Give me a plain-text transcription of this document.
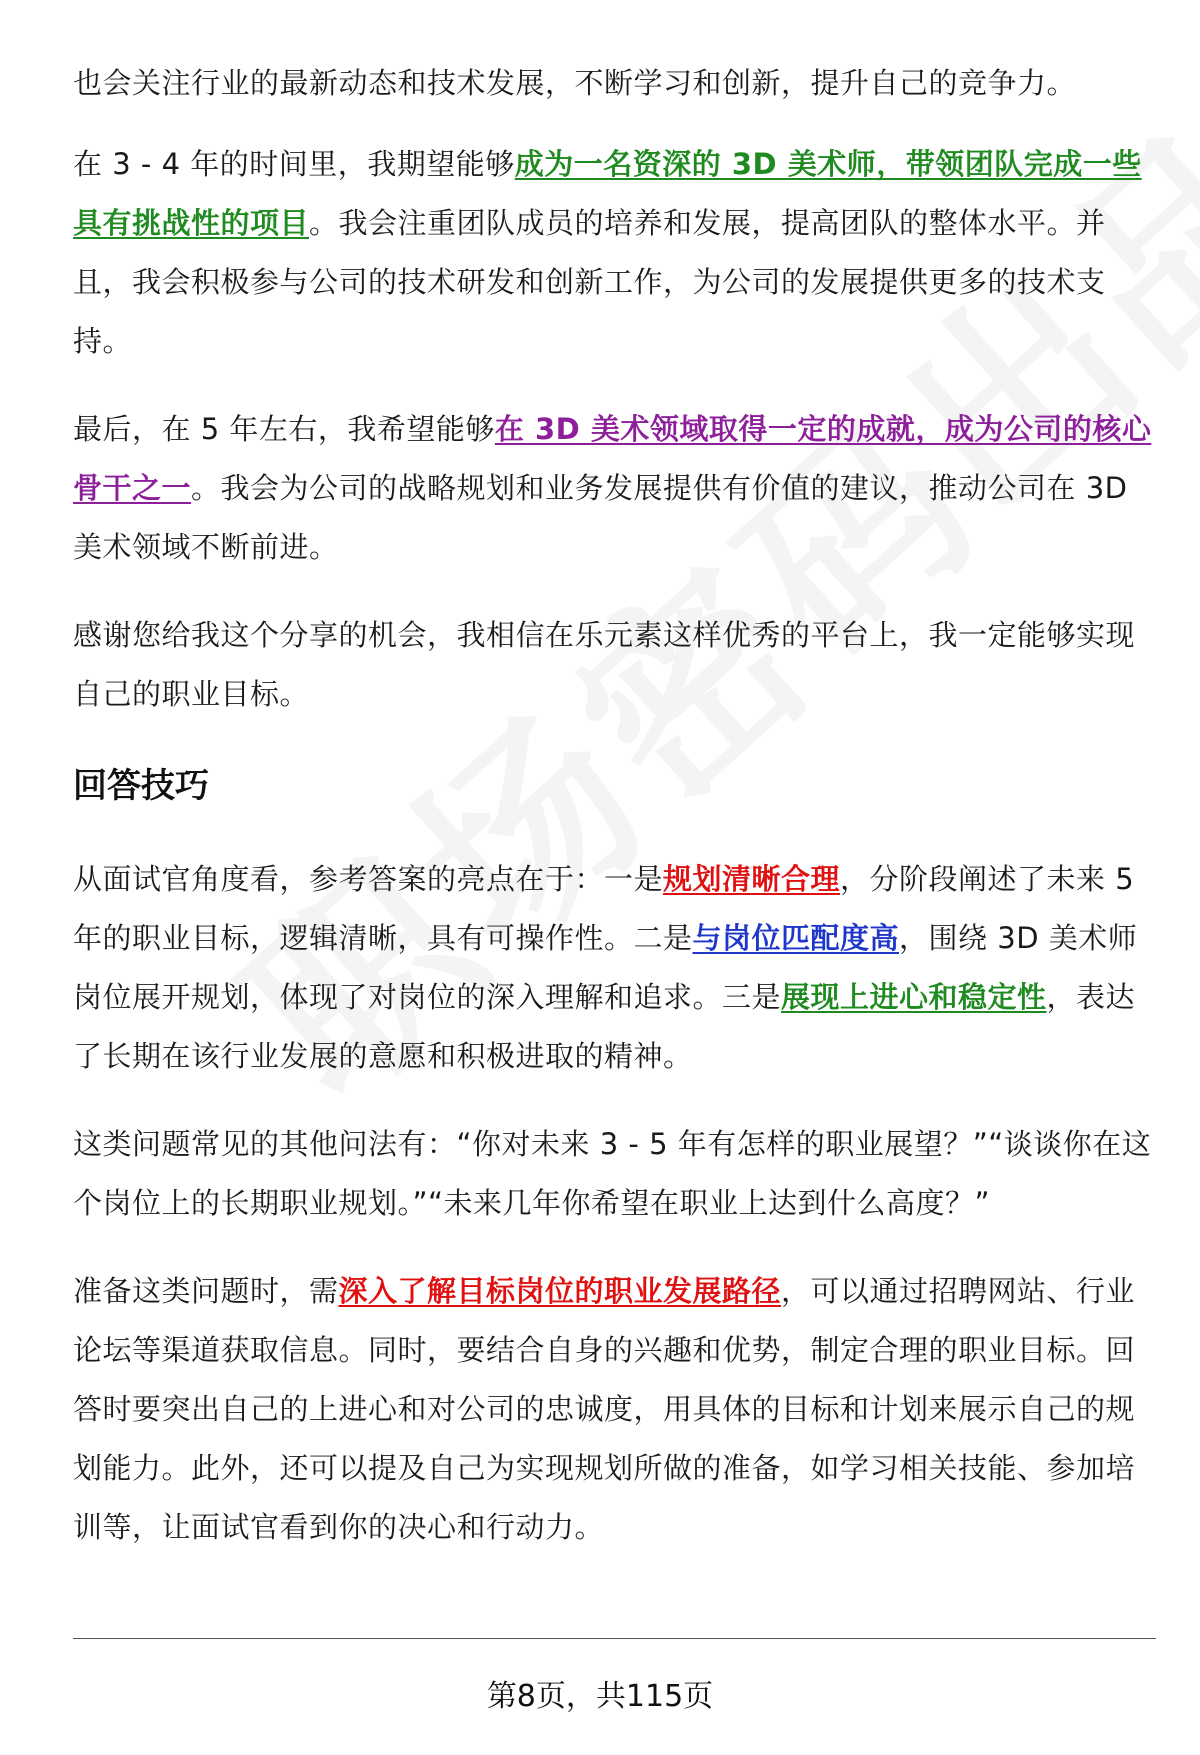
也会关注行业的最新动态和技术发展，不断学习和创新，提升自己的竞争力。

在 3 - 4 年的时间里，我期望能够成为一名资深的 3D 美术师，带领团队完成一些具有挑战性的项目。我会注重团队成员的培养和发展，提高团队的整体水平。并且，我会积极参与公司的技术研发和创新工作，为公司的发展提供更多的技术支持。

最后，在 5 年左右，我希望能够在 3D 美术领域取得一定的成就，成为公司的核心骨干之一。我会为公司的战略规划和业务发展提供有价值的建议，推动公司在 3D 美术领域不断前进。

感谢您给我这个分享的机会，我相信在乐元素这样优秀的平台上，我一定能够实现自己的职业目标。

回答技巧

从面试官角度看，参考答案的亮点在于：一是规划清晰合理，分阶段阐述了未来 5 年的职业目标，逻辑清晰，具有可操作性。二是与岗位匹配度高，围绕 3D 美术师岗位展开规划，体现了对岗位的深入理解和追求。三是展现上进心和稳定性，表达了长期在该行业发展的意愿和积极进取的精神。

这类问题常见的其他问法有：“你对未来 3 - 5 年有怎样的职业展望？”“谈谈你在这个岗位上的长期职业规划。”“未来几年你希望在职业上达到什么高度？”

准备这类问题时，需深入了解目标岗位的职业发展路径，可以通过招聘网站、行业论坛等渠道获取信息。同时，要结合自身的兴趣和优势，制定合理的职业目标。回答时要突出自己的上进心和对公司的忠诚度，用具体的目标和计划来展示自己的规划能力。此外，还可以提及自己为实现规划所做的准备，如学习相关技能、参加培训等，让面试官看到你的决心和行动力。

第8页，共115页
